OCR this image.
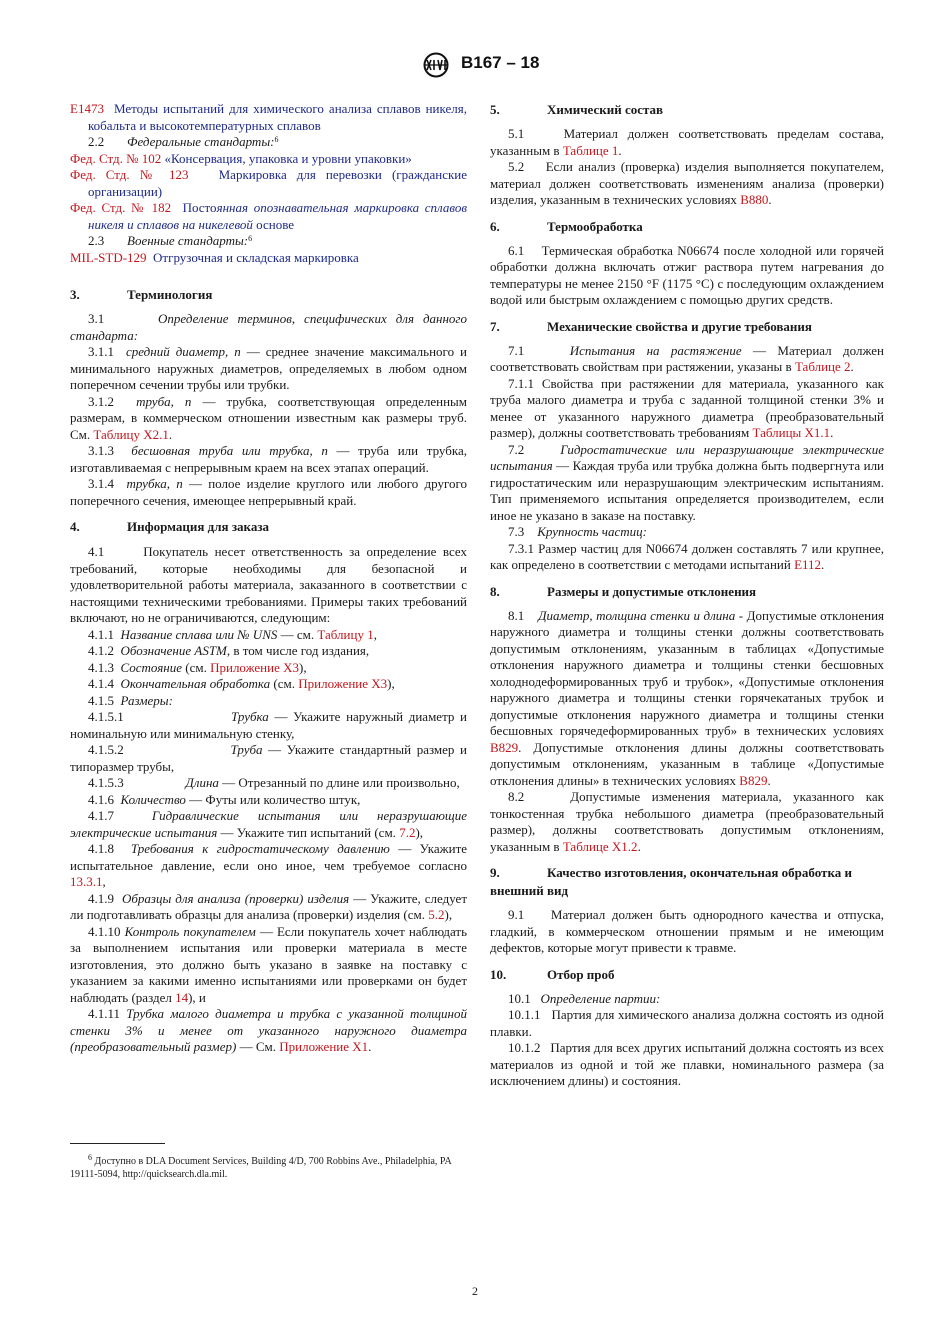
B167 – 18
E1473 Методы испытаний для химического анализа сплавов никеля, кобальта и высокотемпературных сплавов
2.2 Федеральные стандарты:$^6$
Фед. Стд. № 102 «Консервация, упаковка и уровни упаковки»
Фед. Стд. № 123 Маркировка для перевозки (гражданские организации)
Фед. Стд. № 182 Постоянная опознавательная маркировка сплавов никеля и сплавов на никелевой основе
2.3 Военные стандарты:$^6$
MIL-STD-129 Отгрузочная и складская маркировка
3.	Терминология
3.1	Определение терминов, специфических для данного стандарта:
3.1.1 средний диаметр, n — среднее значение максимального и минимального наружных диаметров, определяемых в любом одном поперечном сечении трубы или трубки.
3.1.2 труба, n — трубка, соответствующая определенным размерам, в коммерческом отношении известным как размеры труб. См. Таблицу X2.1.
3.1.3 бесшовная труба или трубка, n — труба или трубка, изготавливаемая с непрерывным краем на всех этапах операций.
3.1.4 трубка, n — полое изделие круглого или любого другого поперечного сечения, имеющее непрерывный край.
4.	Информация для заказа
4.1	Покупатель несет ответственность за определение всех требований, которые необходимы для безопасной и удовлетворительной работы материала, заказанного в соответствии с настоящими техническими требованиями. Примеры таких требований включают, но не ограничиваются, следующим:
4.1.1 Название сплава или № UNS — см. Таблицу 1,
4.1.2 Обозначение ASTM, в том числе год издания,
4.1.3 Состояние (см. Приложение X3),
4.1.4 Окончательная обработка (см. Приложение X3),
4.1.5 Размеры:
4.1.5.1	Трубка — Укажите наружный диаметр и номинальную или минимальную стенку,
4.1.5.2	Труба — Укажите стандартный размер и типоразмер трубы,
4.1.5.3	Длина — Отрезанный по длине или произвольно,
4.1.6 Количество — Футы или количество штук,
4.1.7	Гидравлические испытания или неразрушающие электрические испытания — Укажите тип испытаний (см. 7.2),
4.1.8 Требования к гидростатическому давлению — Укажите испытательное давление, если оно иное, чем требуемое согласно 13.3.1,
4.1.9 Образцы для анализа (проверки) изделия — Укажите, следует ли подготавливать образцы для анализа (проверки) изделия (см. 5.2),
4.1.10 Контроль покупателем — Если покупатель хочет наблюдать за выполнением испытания или проверки материала в месте изготовления, это должно быть указано в заявке на поставку с указанием за какими именно испытаниями или проверками он будет наблюдать (раздел 14), и
4.1.11 Трубка малого диаметра и трубка с указанной толщиной стенки 3% и менее от указанного наружного диаметра (преобразовательный размер) — См. Приложение X1.
5.	Химический состав
5.1	Материал должен соответствовать пределам состава, указанным в Таблице 1.
5.2 Если анализ (проверка) изделия выполняется покупателем, материал должен соответствовать изменениям анализа (проверки) изделия, указанным в технических условиях B880.
6.	Термообработка
6.1 Термическая обработка N06674 после холодной или горячей обработки должна включать отжиг раствора путем нагревания до температуры не менее 2150 °F (1175 °C) с последующим охлаждением водой или быстрым охлаждением с помощью других средств.
7.	Механические свойства и другие требования
7.1	Испытания на растяжение — Материал должен соответствовать свойствам при растяжении, указаны в Таблице 2.
7.1.1 Свойства при растяжении для материала, указанного как труба малого диаметра и труба с заданной толщиной стенки 3% и менее от указанного наружного диаметра (преобразовательный размер), должны соответствовать требованиям Таблицы X1.1.
7.2	Гидростатические или неразрушающие электрические испытания — Каждая труба или трубка должна быть подвергнута или гидростатическим или неразрушающим электрическим испытаниям. Тип применяемого испытания определяется производителем, если иное не указано в заказе на поставку.
7.3 Крупность частиц:
7.3.1 Размер частиц для N06674 должен составлять 7 или крупнее, как определено в соответствии с методами испытаний E112.
8.	Размеры и допустимые отклонения
8.1 Диаметр, толщина стенки и длина - Допустимые отклонения наружного диаметра и толщины стенки должны соответствовать допустимым отклонениям, указанным в таблицах «Допустимые отклонения наружного диаметра и толщины стенки бесшовных холоднодеформированных труб и трубок», «Допустимые отклонения наружного диаметра и толщины стенки горячекатаных трубок и допустимые отклонения наружного диаметра и толщины стенки бесшовных горячедеформированных труб» в технических условиях B829. Допустимые отклонения длины должны соответствовать допустимым отклонениям, указанным в таблице «Допустимые отклонения длины» в технических условиях B829.
8.2	Допустимые изменения материала, указанного как тонкостенная трубка небольшого диаметра (преобразовательный размер), должны соответствовать допустимым отклонениям, указанным в Таблице X1.2.
9.	Качество изготовления, окончательная обработка и внешний вид
9.1 Материал должен быть однородного качества и отпуска, гладкий, в коммерческом отношении прямым и не имеющим дефектов, которые могут привести к травме.
10.	Отбор проб
10.1 Определение партии:
10.1.1 Партия для химического анализа должна состоять из одной плавки.
10.1.2 Партия для всех других испытаний должна состоять из всех материалов из одной и той же плавки, номинального размера (за исключением длины) и состояния.
$^6$ Доступно в DLA Document Services, Building 4/D, 700 Robbins Ave., Philadelphia, PA 19111-5094, http://quicksearch.dla.mil.
2
